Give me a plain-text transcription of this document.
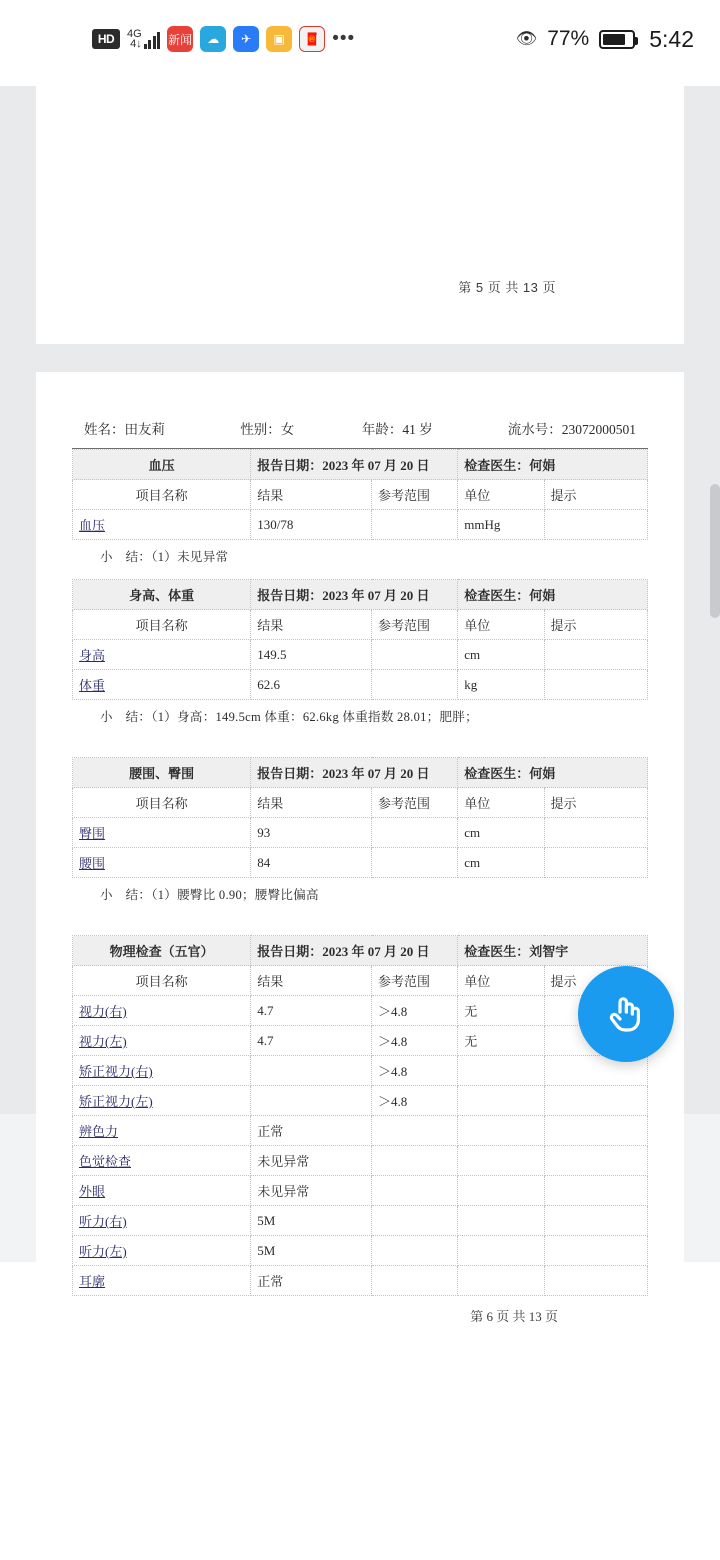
HD	4G
4↓ 新闻	☁	✈	▣	🧧 •••	👁 77%	5:42
第 5 页 共 13 页
姓名：田友莉	性别：女	年龄：41 岁	流水号：23072000501
血压	报告日期：2023 年 07 月 20 日		检查医生：何娟	
项目名称	结果	参考范围	单位	提示
血压	130/78		mmHg	
小　结：（1）未见异常
身高、体重	报告日期：2023 年 07 月 20 日		检查医生：何娟	
项目名称	结果	参考范围	单位	提示
身高	149.5		cm	
体重	62.6		kg	
小　结：（1）身高：149.5cm 体重：62.6kg 体重指数 28.01；肥胖；
腰围、臀围	报告日期：2023 年 07 月 20 日		检查医生：何娟	
项目名称	结果	参考范围	单位	提示
臀围	93		cm	
腰围	84		cm	
小　结：（1）腰臀比 0.90；腰臀比偏高
物理检查（五官）	报告日期：2023 年 07 月 20 日		检查医生：刘智宇	
项目名称	结果	参考范围	单位	提示
视力(右)	4.7	＞4.8	无	
视力(左)	4.7	＞4.8	无	
矫正视力(右)		＞4.8		
矫正视力(左)		＞4.8		
辨色力	正常			
色觉检查	未见异常			
外眼	未见异常			
听力(右)	5M			
听力(左)	5M			
耳廓	正常			
第 6 页 共 13 页
